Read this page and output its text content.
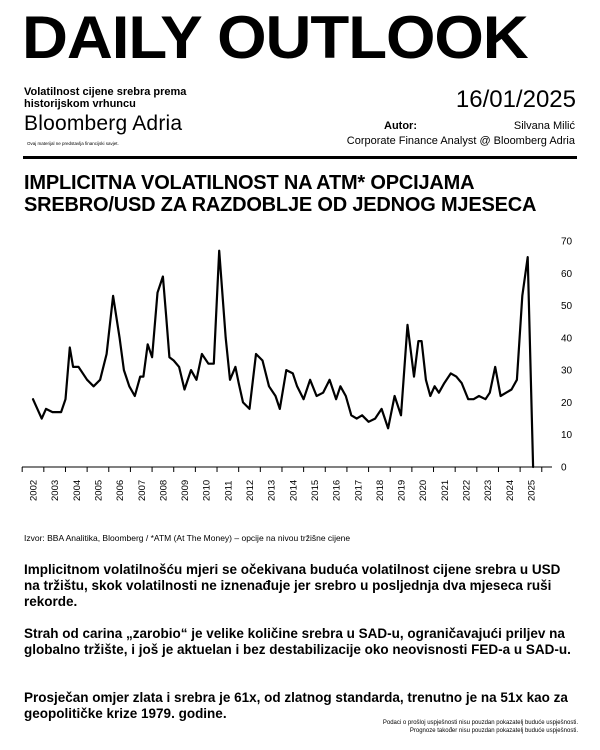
DAILY OUTLOOK
Volatilnost cijene srebra prema historijskom vrhuncu
Bloomberg Adria
Ovaj materijal ne predstavlja financijski savjet.
16/01/2025
Autor:	Silvana Milić
Corporate Finance Analyst @ Bloomberg Adria
IMPLICITNA VOLATILNOST NA ATM* OPCIJAMA SREBRO/USD ZA RAZDOBLJE OD JEDNOG MJESECA
0
10
20
30
40
50
60
70
2002 2003 2004 2005 2006 2007 2008 2009 2010 2011 2012 2013 2014 2015 2016 2017 2018 2019 2020 2021 2022 2023 2024 2025
Izvor: BBA Analitika, Bloomberg / *ATM (At The Money) – opcije na nivou tržišne cijene
Implicitnom volatilnošću mjeri se očekivana buduća volatilnost cijene srebra u USD na tržištu, skok volatilnosti ne iznenađuje jer srebro u posljednja dva mjeseca ruši rekorde.
Strah od carina „zarobio“ je velike količine srebra u SAD-u, ograničavajući priljev na globalno tržište, i još je aktuelan i bez destabilizacije oko neovisnosti FED-a u SAD-u.
Prosječan omjer zlata i srebra je 61x, od zlatnog standarda, trenutno je na 51x kao za geopolitičke krize 1979. godine.
Podaci o prošloj uspješnosti nisu pouzdan pokazatelj buduće uspješnosti.
Prognoze također nisu pouzdan pokazatelj buduće uspješnosti.
